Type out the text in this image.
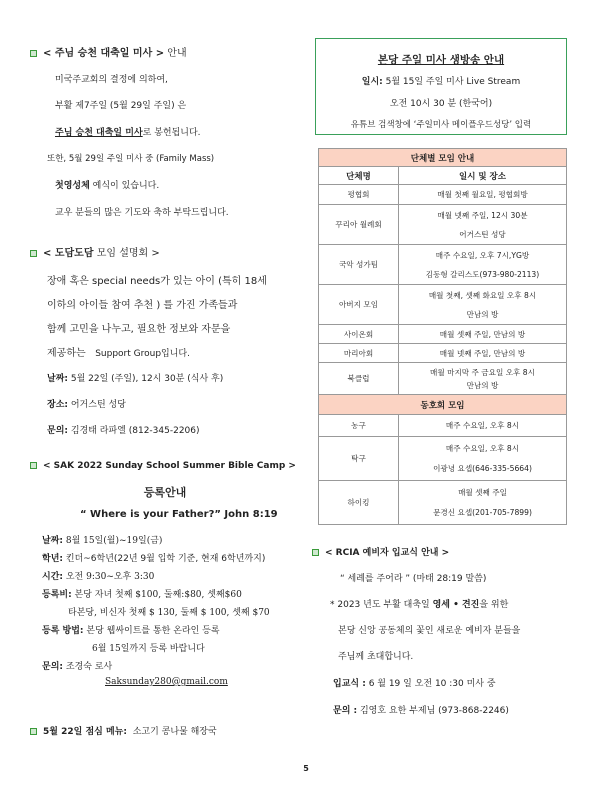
< 주님 승천 대축일 미사 > 안내
미국주교회의 결정에 의하여,
부활 제7주일 (5월 29일 주일) 은
주님 승천 대축일 미사로 봉헌됩니다.
또한, 5월 29일 주일 미사 중 (Family Mass)
첫영성체 예식이 있습니다.
교우 분들의 많은 기도와 축하 부탁드립니다.
< 도담도담 모임 설명회 >
장애 혹은 special needs가 있는 아이 (특히 18세
이하의 아이들 참여 추천 ) 를 가진 가족들과
함께 고민을 나누고, 필요한 정보와 자문을
제공하는 Support Group입니다.
날짜: 5월 22일 (주일), 12시 30분 (식사 후)
장소: 어거스틴 성당
문의: 김경태 라파엘 (812-345-2206)
< SAK 2022 Sunday School Summer Bible Camp >
등록안내
“ Where is your Father?” John 8:19
날짜: 8월 15일(월)~19일(금)
학년: 킨더~6학년(22년 9월 입학 기준, 현재 6학년까지)
시간: 오전 9:30~오후 3:30
등록비: 본당 자녀 첫째 $100, 둘째:$80, 셋째$60
타본당, 비신자 첫째 $ 130, 둘째 $ 100, 셋째 $70
등록 방법: 본당 웹싸이트를 통한 온라인 등록
6월 15일까지 등록 바랍니다
문의: 조경숙 로사
Saksunday280@gmail.com
5월 22일 점심 메뉴: 소고기 콩나물 해장국
본당 주일 미사 생방송 안내
일시: 5월 15일 주일 미사 Live Stream
오전 10시 30 분 (한국어)
유튜브 검색창에 ‘주일미사 메이플우드성당’ 입력
단체별 모임 안내	
단체명	일시 및 장소
평협회	매월 첫째 월요일, 평협회방
꾸리아 월례회	매월 넷째 주일, 12시 30분
어거스틴 성당

국악 성가팀	매주 수요일, 오후 7시,YG방
김동형 갈리스도(973-980-2113)

아버지 모임	매월 첫째, 셋째 화요일 오후 8시
만남의 방

사이온회	매월 셋째 주일, 만남의 방
마리아회	매월 넷째 주일, 만남의 방
북클럽	매월 마지막 주 금요일 오후 8시
만남의 방

동호회 모임	
농구	매주 수요일, 오후 8시
탁구	매주 수요일, 오후 8시
이광녕 요셉(646-335-5664)

하이킹	매월 셋째 주일
문경신 요셉(201-705-7899)
< RCIA 예비자 입교식 안내 >
“ 세례를 주어라 ” (마태 28:19 말씀)
* 2023 년도 부활 대축일 영세 • 견진을 위한
본당 신앙 공동체의 꽃인 새로운 예비자 분들을
주님께 초대합니다.
입교식 : 6 월 19 일 오전 10 :30 미사 중
문의 : 김영호 요한 부제님 (973-868-2246)
5
